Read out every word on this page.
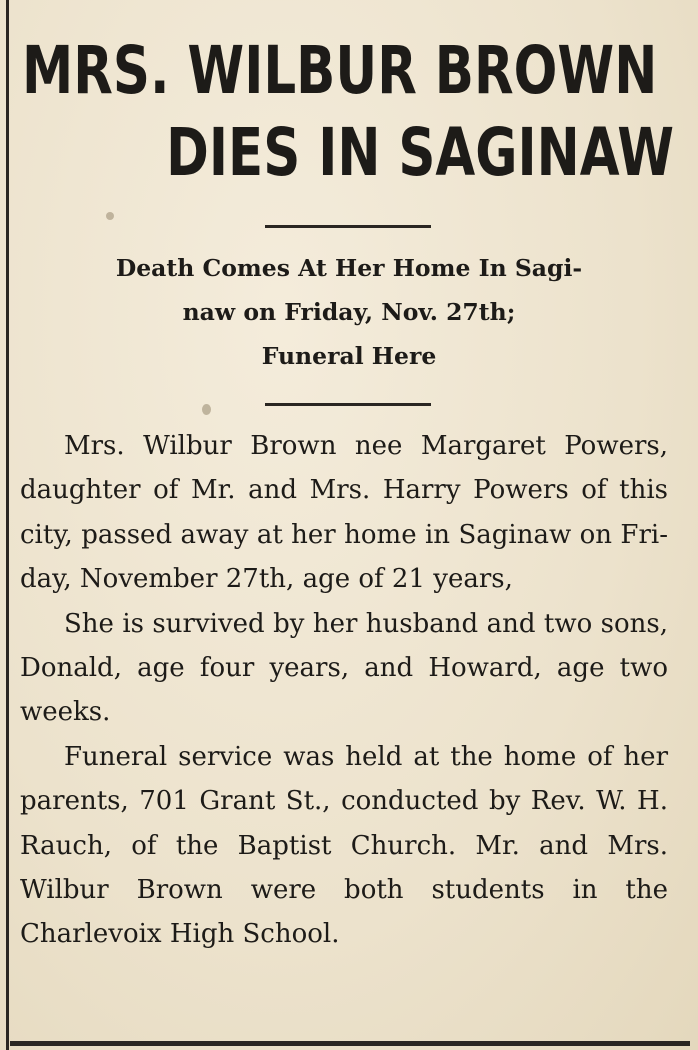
MRS. WILBUR BROWN
DIES IN SAGINAW
Death Comes At Her Home In Sagi-
naw on Friday, Nov. 27th;
Funeral Here

Mrs. Wilbur Brown nee Margaret Powers, daughter of Mr. and Mrs. Harry Powers of this city, passed away at her home in Saginaw on Friday, November 27th, age of 21 years,

She is survived by her husband and two sons, Donald, age four years, and Howard, age two weeks.

Funeral service was held at the home of her parents, 701 Grant St., conducted by Rev. W. H. Rauch, of the Baptist Church. Mr. and Mrs. Wilbur Brown were both students in the Charlevoix High School.
